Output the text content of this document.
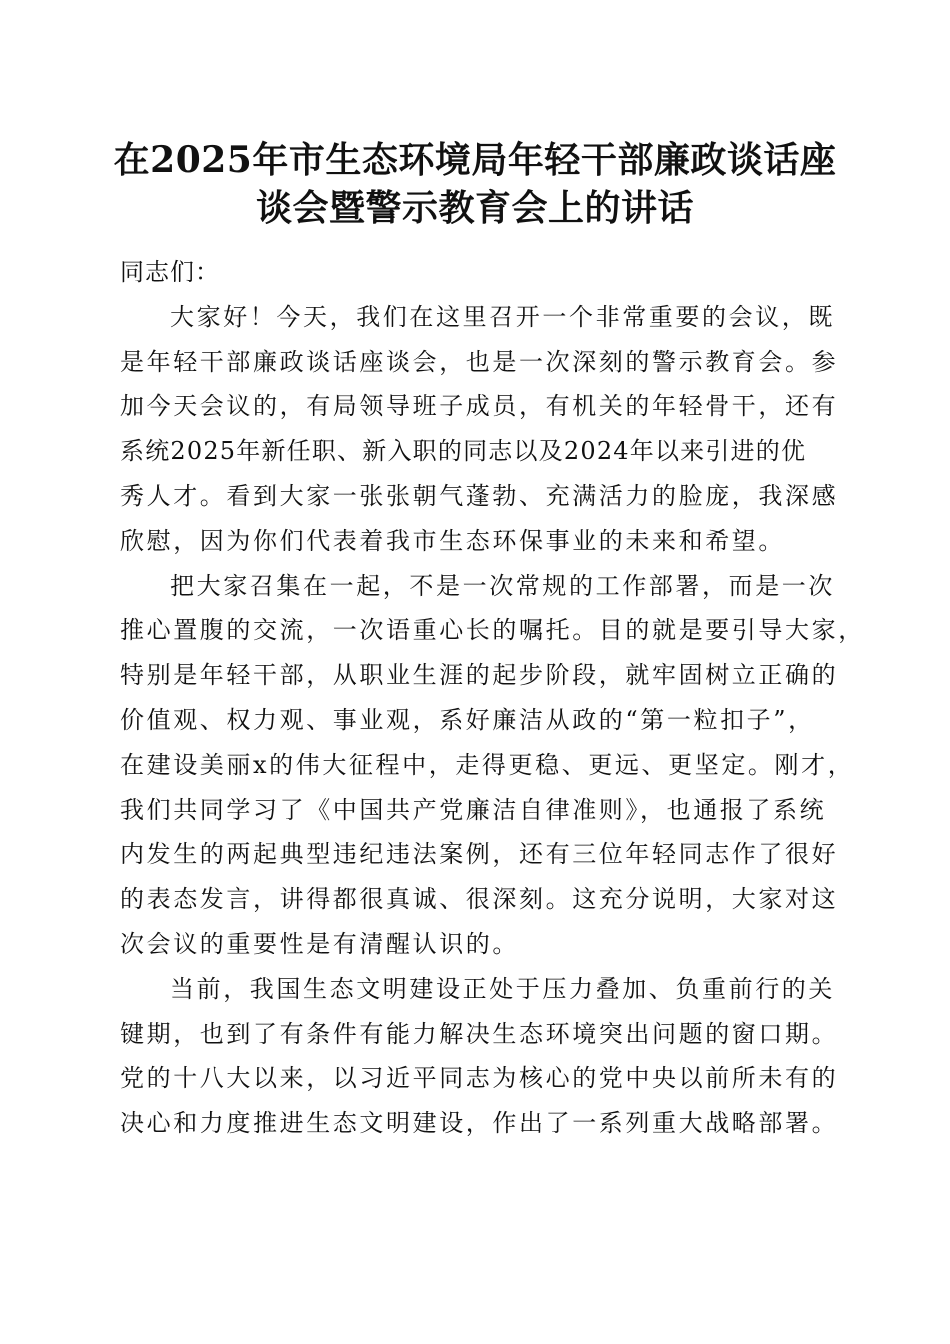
在2025年市生态环境局年轻干部廉政谈话座
谈会暨警示教育会上的讲话

同志们：

大家好！今天，我们在这里召开一个非常重要的会议，既
是年轻干部廉政谈话座谈会，也是一次深刻的警示教育会。参
加今天会议的，有局领导班子成员，有机关的年轻骨干，还有
系统2025年新任职、新入职的同志以及2024年以来引进的优
秀人才。看到大家一张张朝气蓬勃、充满活力的脸庞，我深感
欣慰，因为你们代表着我市生态环保事业的未来和希望。
把大家召集在一起，不是一次常规的工作部署，而是一次
推心置腹的交流，一次语重心长的嘱托。目的就是要引导大家，
特别是年轻干部，从职业生涯的起步阶段，就牢固树立正确的
价值观、权力观、事业观，系好廉洁从政的“第一粒扣子”，
在建设美丽x的伟大征程中，走得更稳、更远、更坚定。刚才，
我们共同学习了《中国共产党廉洁自律准则》，也通报了系统
内发生的两起典型违纪违法案例，还有三位年轻同志作了很好
的表态发言，讲得都很真诚、很深刻。这充分说明，大家对这
次会议的重要性是有清醒认识的。
当前，我国生态文明建设正处于压力叠加、负重前行的关
键期，也到了有条件有能力解决生态环境突出问题的窗口期。
党的十八大以来，以习近平同志为核心的党中央以前所未有的
决心和力度推进生态文明建设，作出了一系列重大战略部署。
